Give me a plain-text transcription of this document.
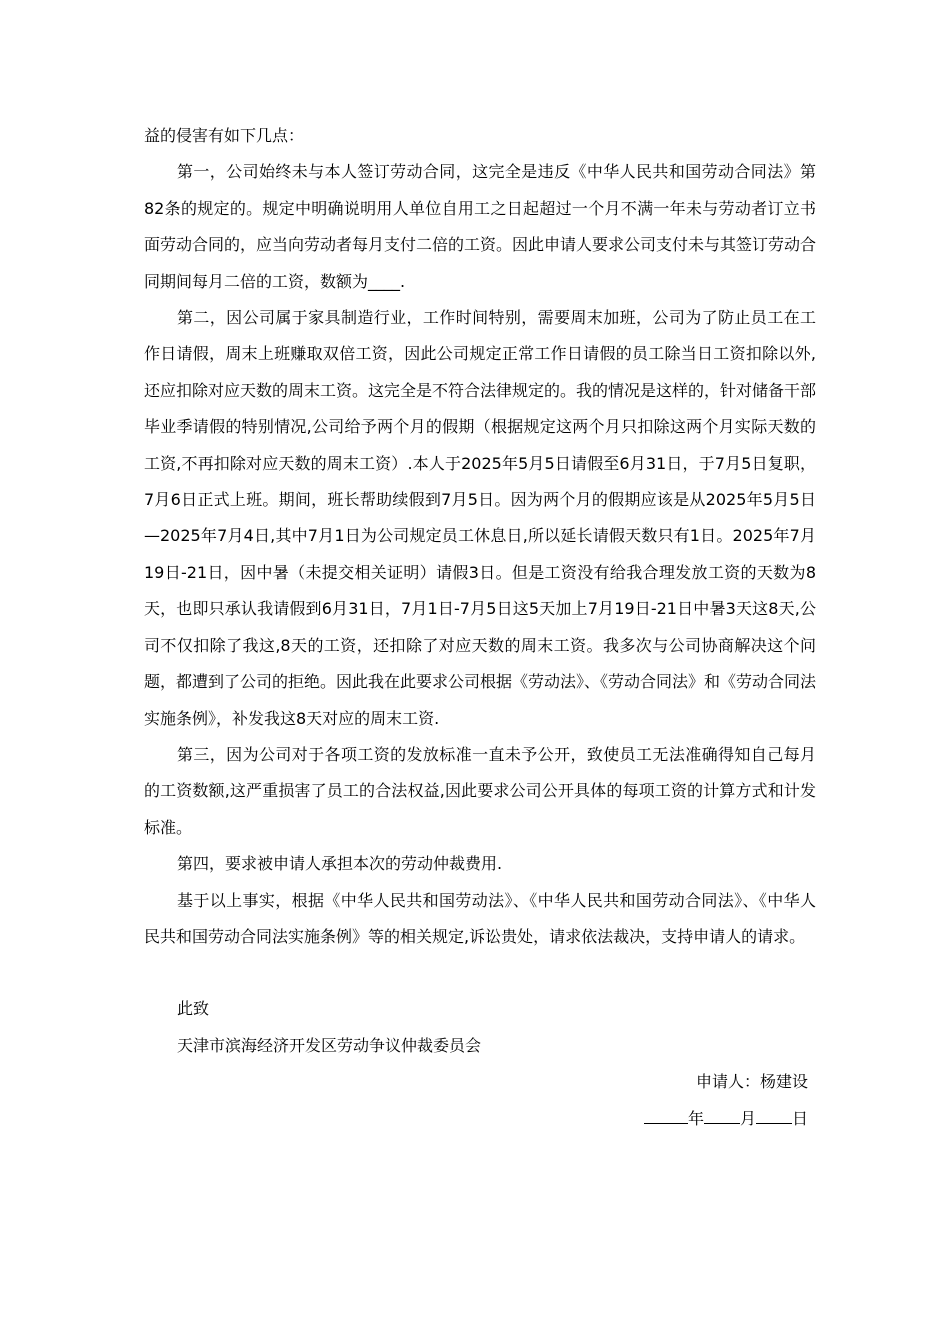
益的侵害有如下几点：

第一，公司始终未与本人签订劳动合同，这完全是违反《中华人民共和国劳动合同法》第82条的规定的。规定中明确说明用人单位自用工之日起超过一个月不满一年未与劳动者订立书面劳动合同的，应当向劳动者每月支付二倍的工资。因此申请人要求公司支付未与其签订劳动合同期间每月二倍的工资，数额为____.

第二，因公司属于家具制造行业，工作时间特别，需要周末加班，公司为了防止员工在工作日请假，周末上班赚取双倍工资，因此公司规定正常工作日请假的员工除当日工资扣除以外,还应扣除对应天数的周末工资。这完全是不符合法律规定的。我的情况是这样的，针对储备干部毕业季请假的特别情况,公司给予两个月的假期（根据规定这两个月只扣除这两个月实际天数的工资,不再扣除对应天数的周末工资）.本人于2025年5月5日请假至6月31日，于7月5日复职，7月6日正式上班。期间，班长帮助续假到7月5日。因为两个月的假期应该是从2025年5月5日—2025年7月4日,其中7月1日为公司规定员工休息日,所以延长请假天数只有1日。2025年7月19日-21日，因中暑（未提交相关证明）请假3日。但是工资没有给我合理发放工资的天数为8天，也即只承认我请假到6月31日，7月1日-7月5日这5天加上7月19日-21日中暑3天这8天,公司不仅扣除了我这,8天的工资，还扣除了对应天数的周末工资。我多次与公司协商解决这个问题，都遭到了公司的拒绝。因此我在此要求公司根据《劳动法》、《劳动合同法》和《劳动合同法实施条例》，补发我这8天对应的周末工资.

第三，因为公司对于各项工资的发放标准一直未予公开，致使员工无法准确得知自己每月的工资数额,这严重损害了员工的合法权益,因此要求公司公开具体的每项工资的计算方式和计发标准。

第四，要求被申请人承担本次的劳动仲裁费用.

基于以上事实，根据《中华人民共和国劳动法》、《中华人民共和国劳动合同法》、《中华人民共和国劳动合同法实施条例》等的相关规定,诉讼贵处，请求依法裁决，支持申请人的请求。

此致

天津市滨海经济开发区劳动争议仲裁委员会

申请人：杨建设

年 月 日
